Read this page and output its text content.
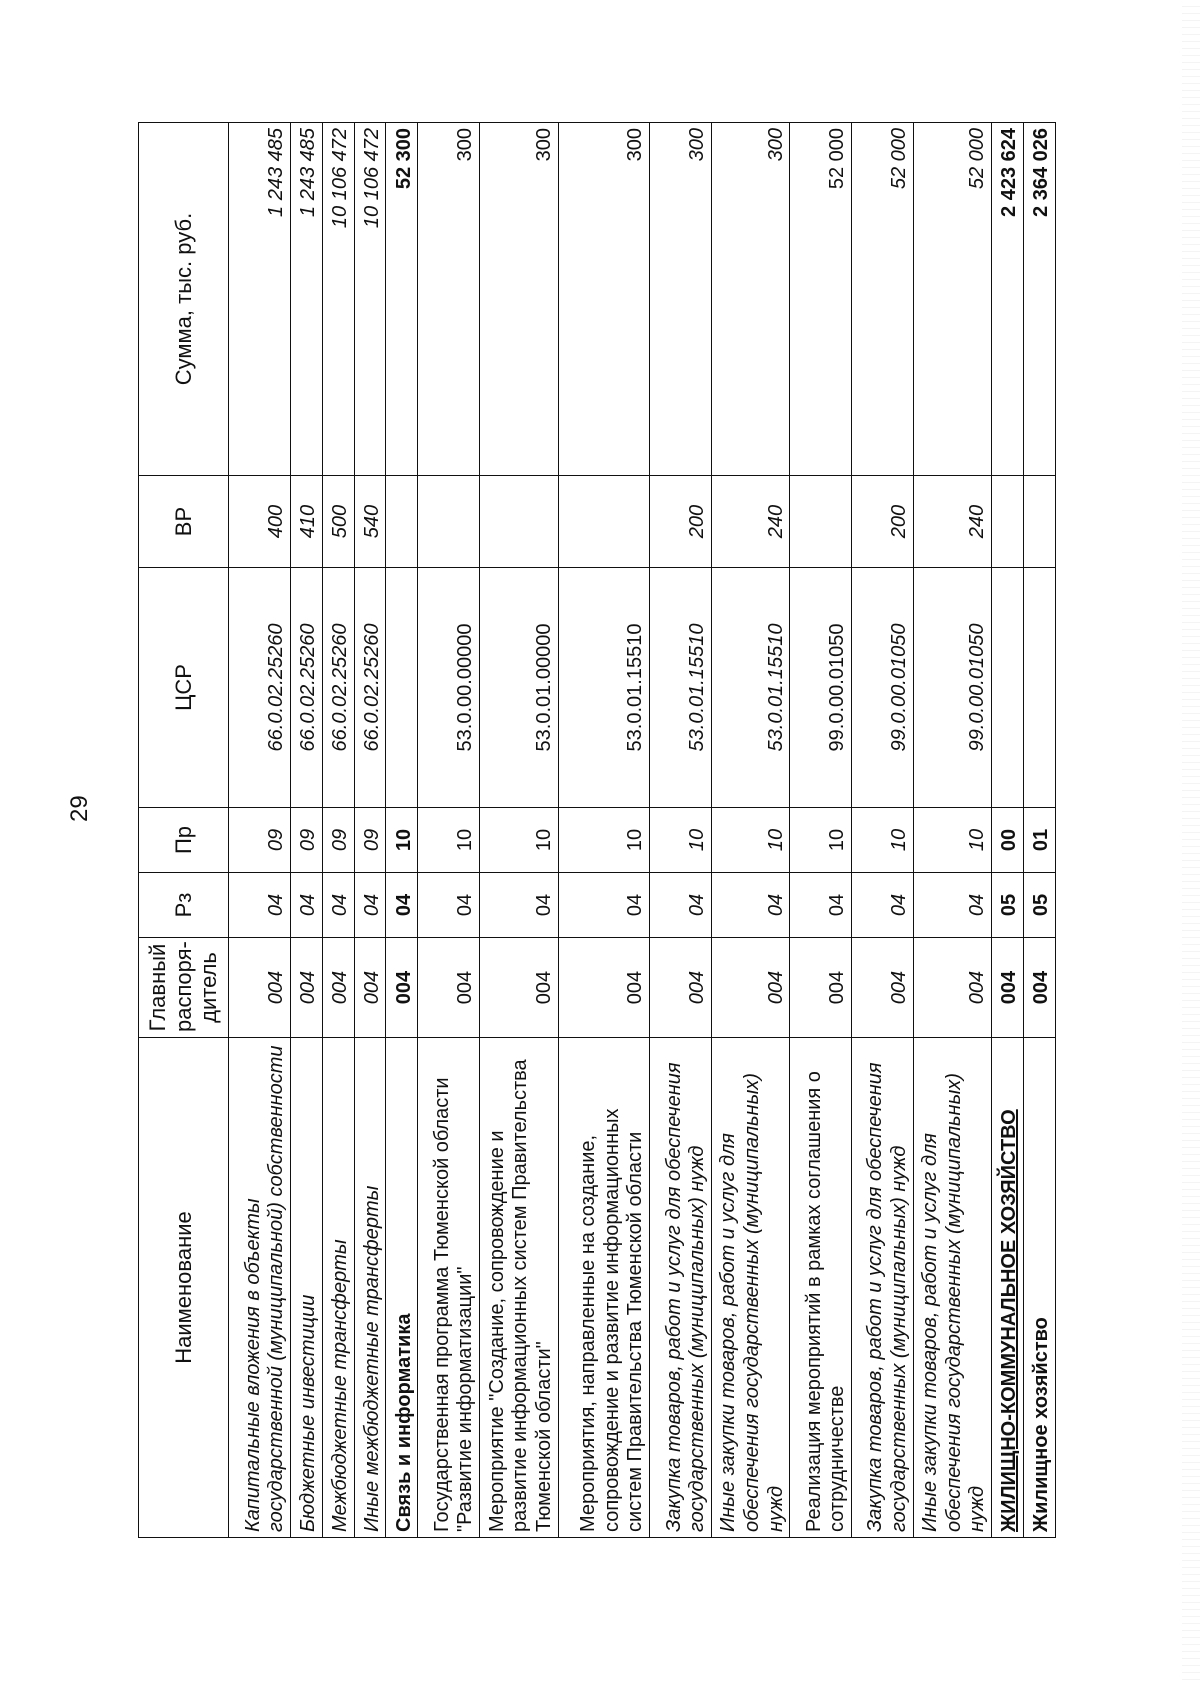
29
Наименование	Главный распоря-дитель	Рз	Пр	ЦСР	ВР	Сумма, тыс. руб.
Капитальные вложения в объекты государственной (муниципальной) собственности	004	04	09	66.0.02.25260	400	1 243 485
Бюджетные инвестиции	004	04	09	66.0.02.25260	410	1 243 485
Межбюджетные трансферты	004	04	09	66.0.02.25260	500	10 106 472
Иные межбюджетные трансферты	004	04	09	66.0.02.25260	540	10 106 472
Связь и информатика	004	04	10			52 300
Государственная программа Тюменской области "Развитие информатизации"	004	04	10	53.0.00.00000		300
Мероприятие "Создание, сопровождение и развитие информационных систем Правительства Тюменской области"	004	04	10	53.0.01.00000		300
Мероприятия, направленные на создание, сопровождение и развитие информационных систем Правительства Тюменской области	004	04	10	53.0.01.15510		300
Закупка товаров, работ и услуг для обеспечения государственных (муниципальных) нужд	004	04	10	53.0.01.15510	200	300
Иные закупки товаров, работ и услуг для обеспечения государственных (муниципальных) нужд	004	04	10	53.0.01.15510	240	300
Реализация мероприятий в рамках соглашения о сотрудничестве	004	04	10	99.0.00.01050		52 000
Закупка товаров, работ и услуг для обеспечения государственных (муниципальных) нужд	004	04	10	99.0.00.01050	200	52 000
Иные закупки товаров, работ и услуг для обеспечения государственных (муниципальных) нужд	004	04	10	99.0.00.01050	240	52 000
ЖИЛИЩНО-КОММУНАЛЬНОЕ ХОЗЯЙСТВО	004	05	00			2 423 624
Жилищное хозяйство	004	05	01			2 364 026
